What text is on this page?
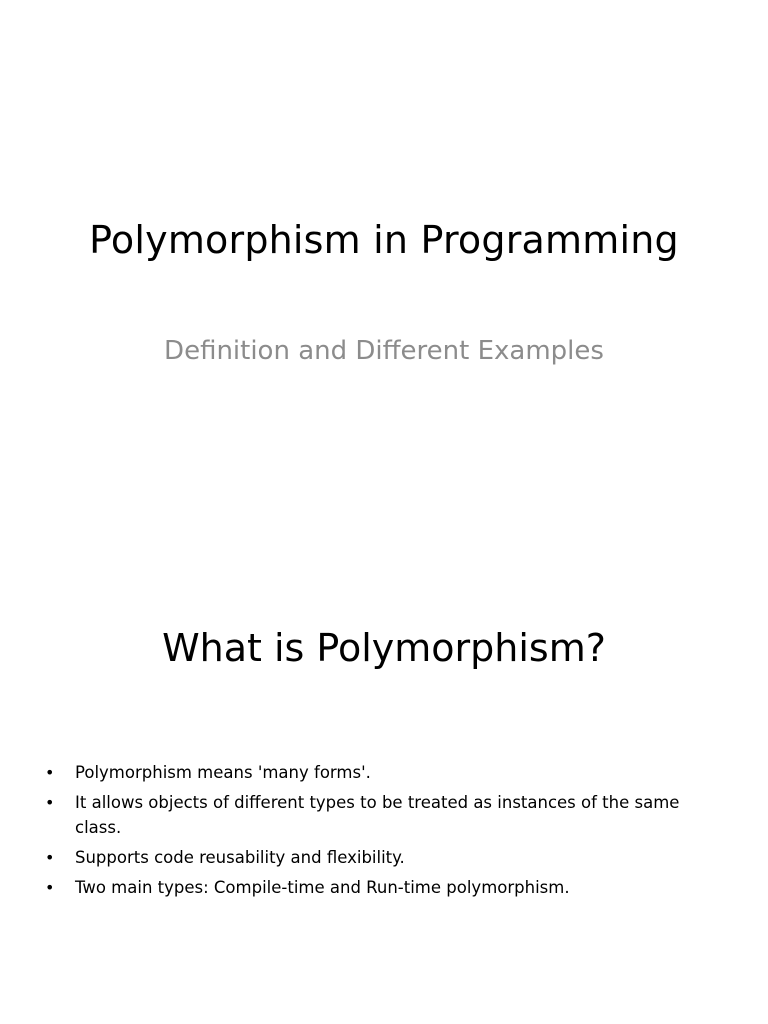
Polymorphism in Programming
Definition and Different Examples
What is Polymorphism?
• Polymorphism means 'many forms'.
• It allows objects of different types to be treated as instances of the same class.
• Supports code reusability and flexibility.
• Two main types: Compile-time and Run-time polymorphism.
